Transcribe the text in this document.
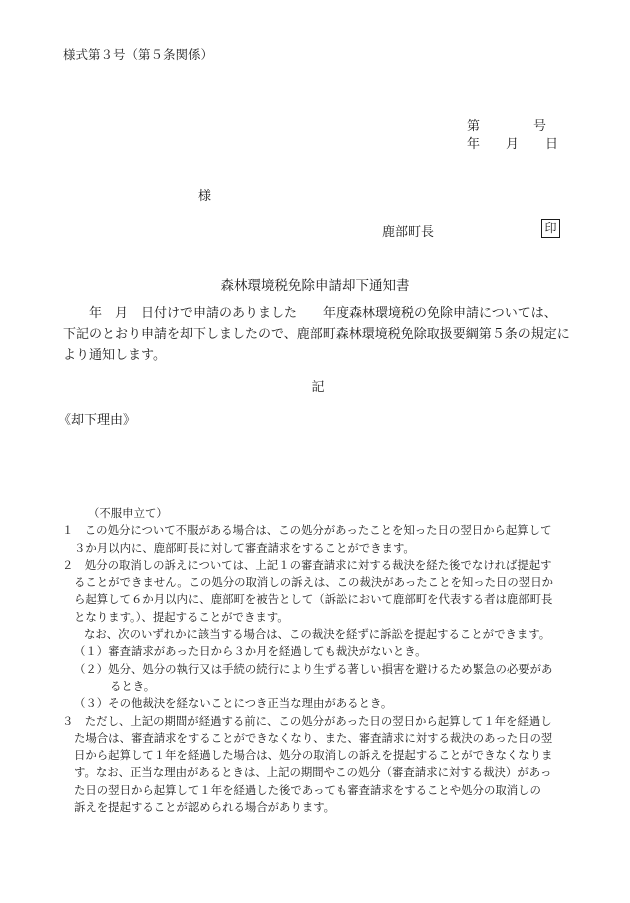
様式第３号（第５条関係）
第	号
年 月 日
様
鹿部町長	印
森林環境税免除申請却下通知書
　　年　月　日付けで申請のありました　　年度森林環境税の免除申請については、
下記のとおり申請を却下しましたので、鹿部町森林環境税免除取扱要綱第５条の規定に
より通知します。
記
《却下理由》
（不服申立て）
１　この処分について不服がある場合は、この処分があったことを知った日の翌日から起算して
３か月以内に、鹿部町長に対して審査請求をすることができます。
２　処分の取消しの訴えについては、上記１の審査請求に対する裁決を経た後でなければ提起す
ることができません。この処分の取消しの訴えは、この裁決があったことを知った日の翌日か
ら起算して６か月以内に、鹿部町を被告として（訴訟において鹿部町を代表する者は鹿部町長
となります。）、提起することができます。
なお、次のいずれかに該当する場合は、この裁決を経ずに訴訟を提起することができます。
（１）審査請求があった日から３か月を経過しても裁決がないとき。
（２）処分、処分の執行又は手続の続行により生ずる著しい損害を避けるため緊急の必要があ
るとき。
（３）その他裁決を経ないことにつき正当な理由があるとき。
３　ただし、上記の期間が経過する前に、この処分があった日の翌日から起算して１年を経過し
た場合は、審査請求をすることができなくなり、また、審査請求に対する裁決のあった日の翌
日から起算して１年を経過した場合は、処分の取消しの訴えを提起することができなくなりま
す。なお、正当な理由があるときは、上記の期間やこの処分（審査請求に対する裁決）があっ
た日の翌日から起算して１年を経過した後であっても審査請求をすることや処分の取消しの
訴えを提起することが認められる場合があります。
